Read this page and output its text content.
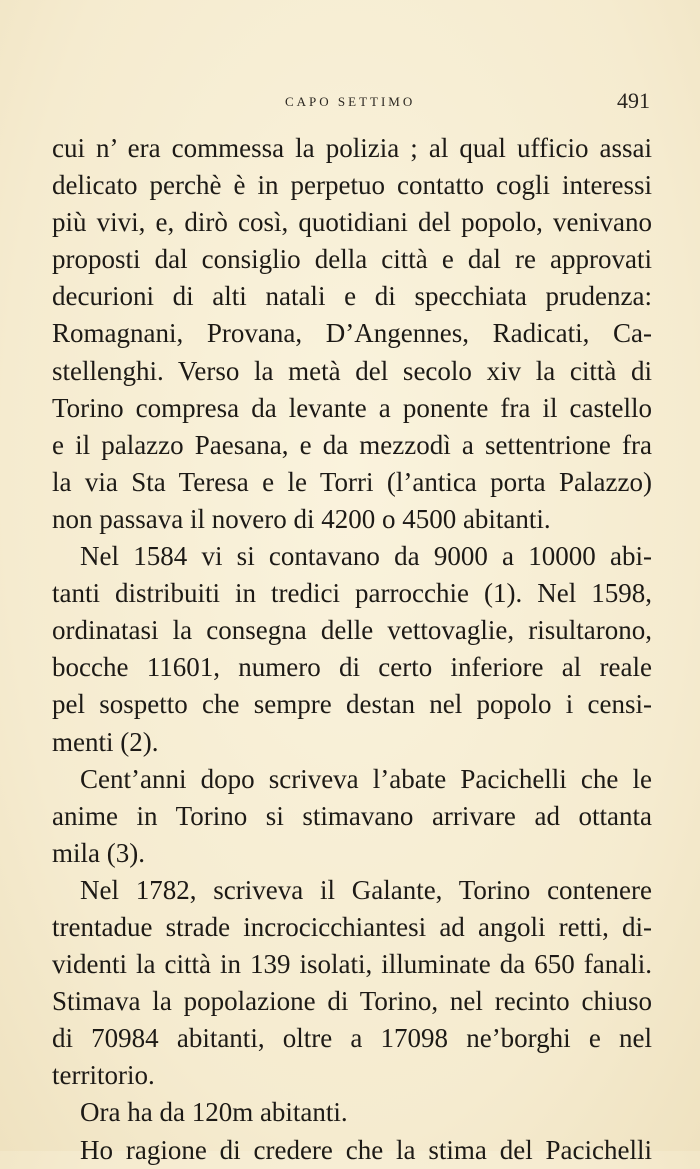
CAPO SETTIMO	491
cui n’ era commessa la polizia ; al qual ufficio assai
delicato perchè è in perpetuo contatto cogli interessi
più vivi, e, dirò così, quotidiani del popolo, venivano
proposti dal consiglio della città e dal re approvati
decurioni di alti natali e di specchiata prudenza:
Romagnani, Provana, D’Angennes, Radicati, Ca-
stellenghi. Verso la metà del secolo xiv la città di
Torino compresa da levante a ponente fra il castello
e il palazzo Paesana, e da mezzodì a settentrione fra
la via Sta Teresa e le Torri (l’antica porta Palazzo)
non passava il novero di 4200 o 4500 abitanti.
Nel 1584 vi si contavano da 9000 a 10000 abi-
tanti distribuiti in tredici parrocchie (1). Nel 1598,
ordinatasi la consegna delle vettovaglie, risultarono,
bocche 11601, numero di certo inferiore al reale
pel sospetto che sempre destan nel popolo i censi-
menti (2).
Cent’anni dopo scriveva l’abate Pacichelli che le
anime in Torino si stimavano arrivare ad ottanta
mila (3).
Nel 1782, scriveva il Galante, Torino contenere
trentadue strade incrocicchiantesi ad angoli retti, di-
videnti la città in 139 isolati, illuminate da 650 fanali.
Stimava la popolazione di Torino, nel recinto chiuso
di 70984 abitanti, oltre a 17098 ne’borghi e nel
territorio.
Ora ha da 120m abitanti.
Ho ragione di credere che la stima del Pacichelli
